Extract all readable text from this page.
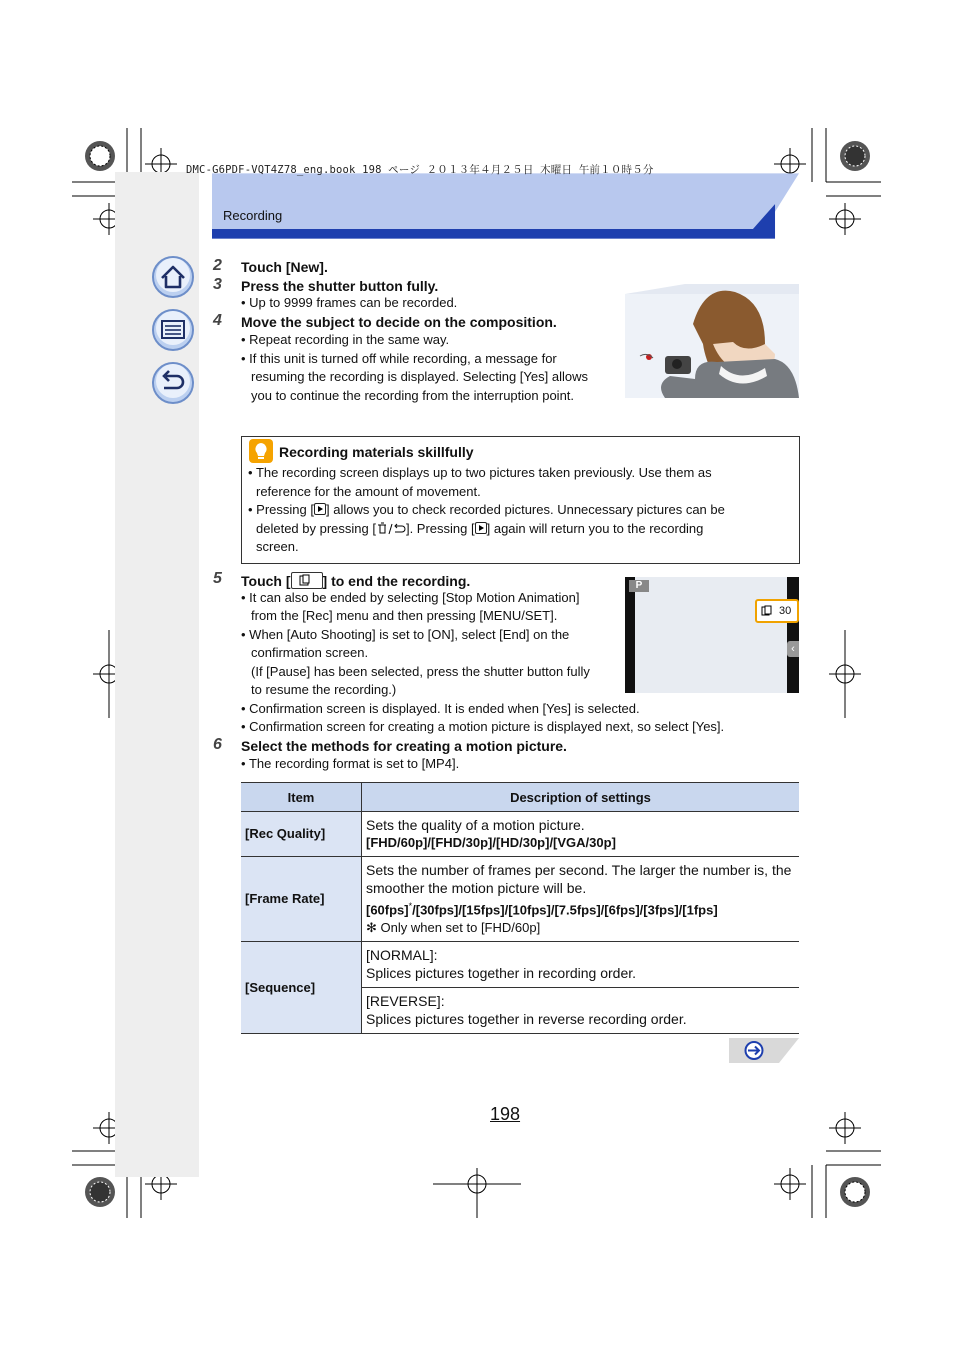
DMC-G6PDF-VQT4Z78_eng.book 198 ページ ２０１３年４月２５日 木曜日 午前１０時５分
Recording
2 Touch [New].
3 Press the shutter button fully.
• Up to 9999 frames can be recorded.
4 Move the subject to decide on the composition.
• Repeat recording in the same way.
• If this unit is turned off while recording, a message for
resuming the recording is displayed. Selecting [Yes] allows
you to continue the recording from the interruption point.
Recording materials skillfully
• The recording screen displays up to two pictures taken previously. Use them as
reference for the amount of movement.
• Pressing [ ] allows you to check recorded pictures. Unnecessary pictures can be
deleted by pressing [ ]. Pressing [ ] again will return you to the recording
screen.
5 Touch [ ] to end the recording.
• It can also be ended by selecting [Stop Motion Animation]
from the [Rec] menu and then pressing [MENU/SET].
• When [Auto Shooting] is set to [ON], select [End] on the
confirmation screen.
(If [Pause] has been selected, press the shutter button fully
to resume the recording.)
• Confirmation screen is displayed. It is ended when [Yes] is selected.
• Confirmation screen for creating a motion picture is displayed next, so select [Yes].
P
30
‹
6 Select the methods for creating a motion picture.
• The recording format is set to [MP4].
Item	Description of settings
[Rec Quality]	Sets the quality of a motion picture.
[FHD/60p]/[FHD/30p]/[HD/30p]/[VGA/30p]

[Frame Rate]	Sets the number of frames per second. The larger the number is, the smoother the motion picture will be.
[60fps]*/[30fps]/[15fps]/[10fps]/[7.5fps]/[6fps]/[3fps]/[1fps]
✻ Only when set to [FHD/60p]

[Sequence]	[NORMAL]:
Splices pictures together in recording order.

	[REVERSE]:
Splices pictures together in reverse recording order.
198
